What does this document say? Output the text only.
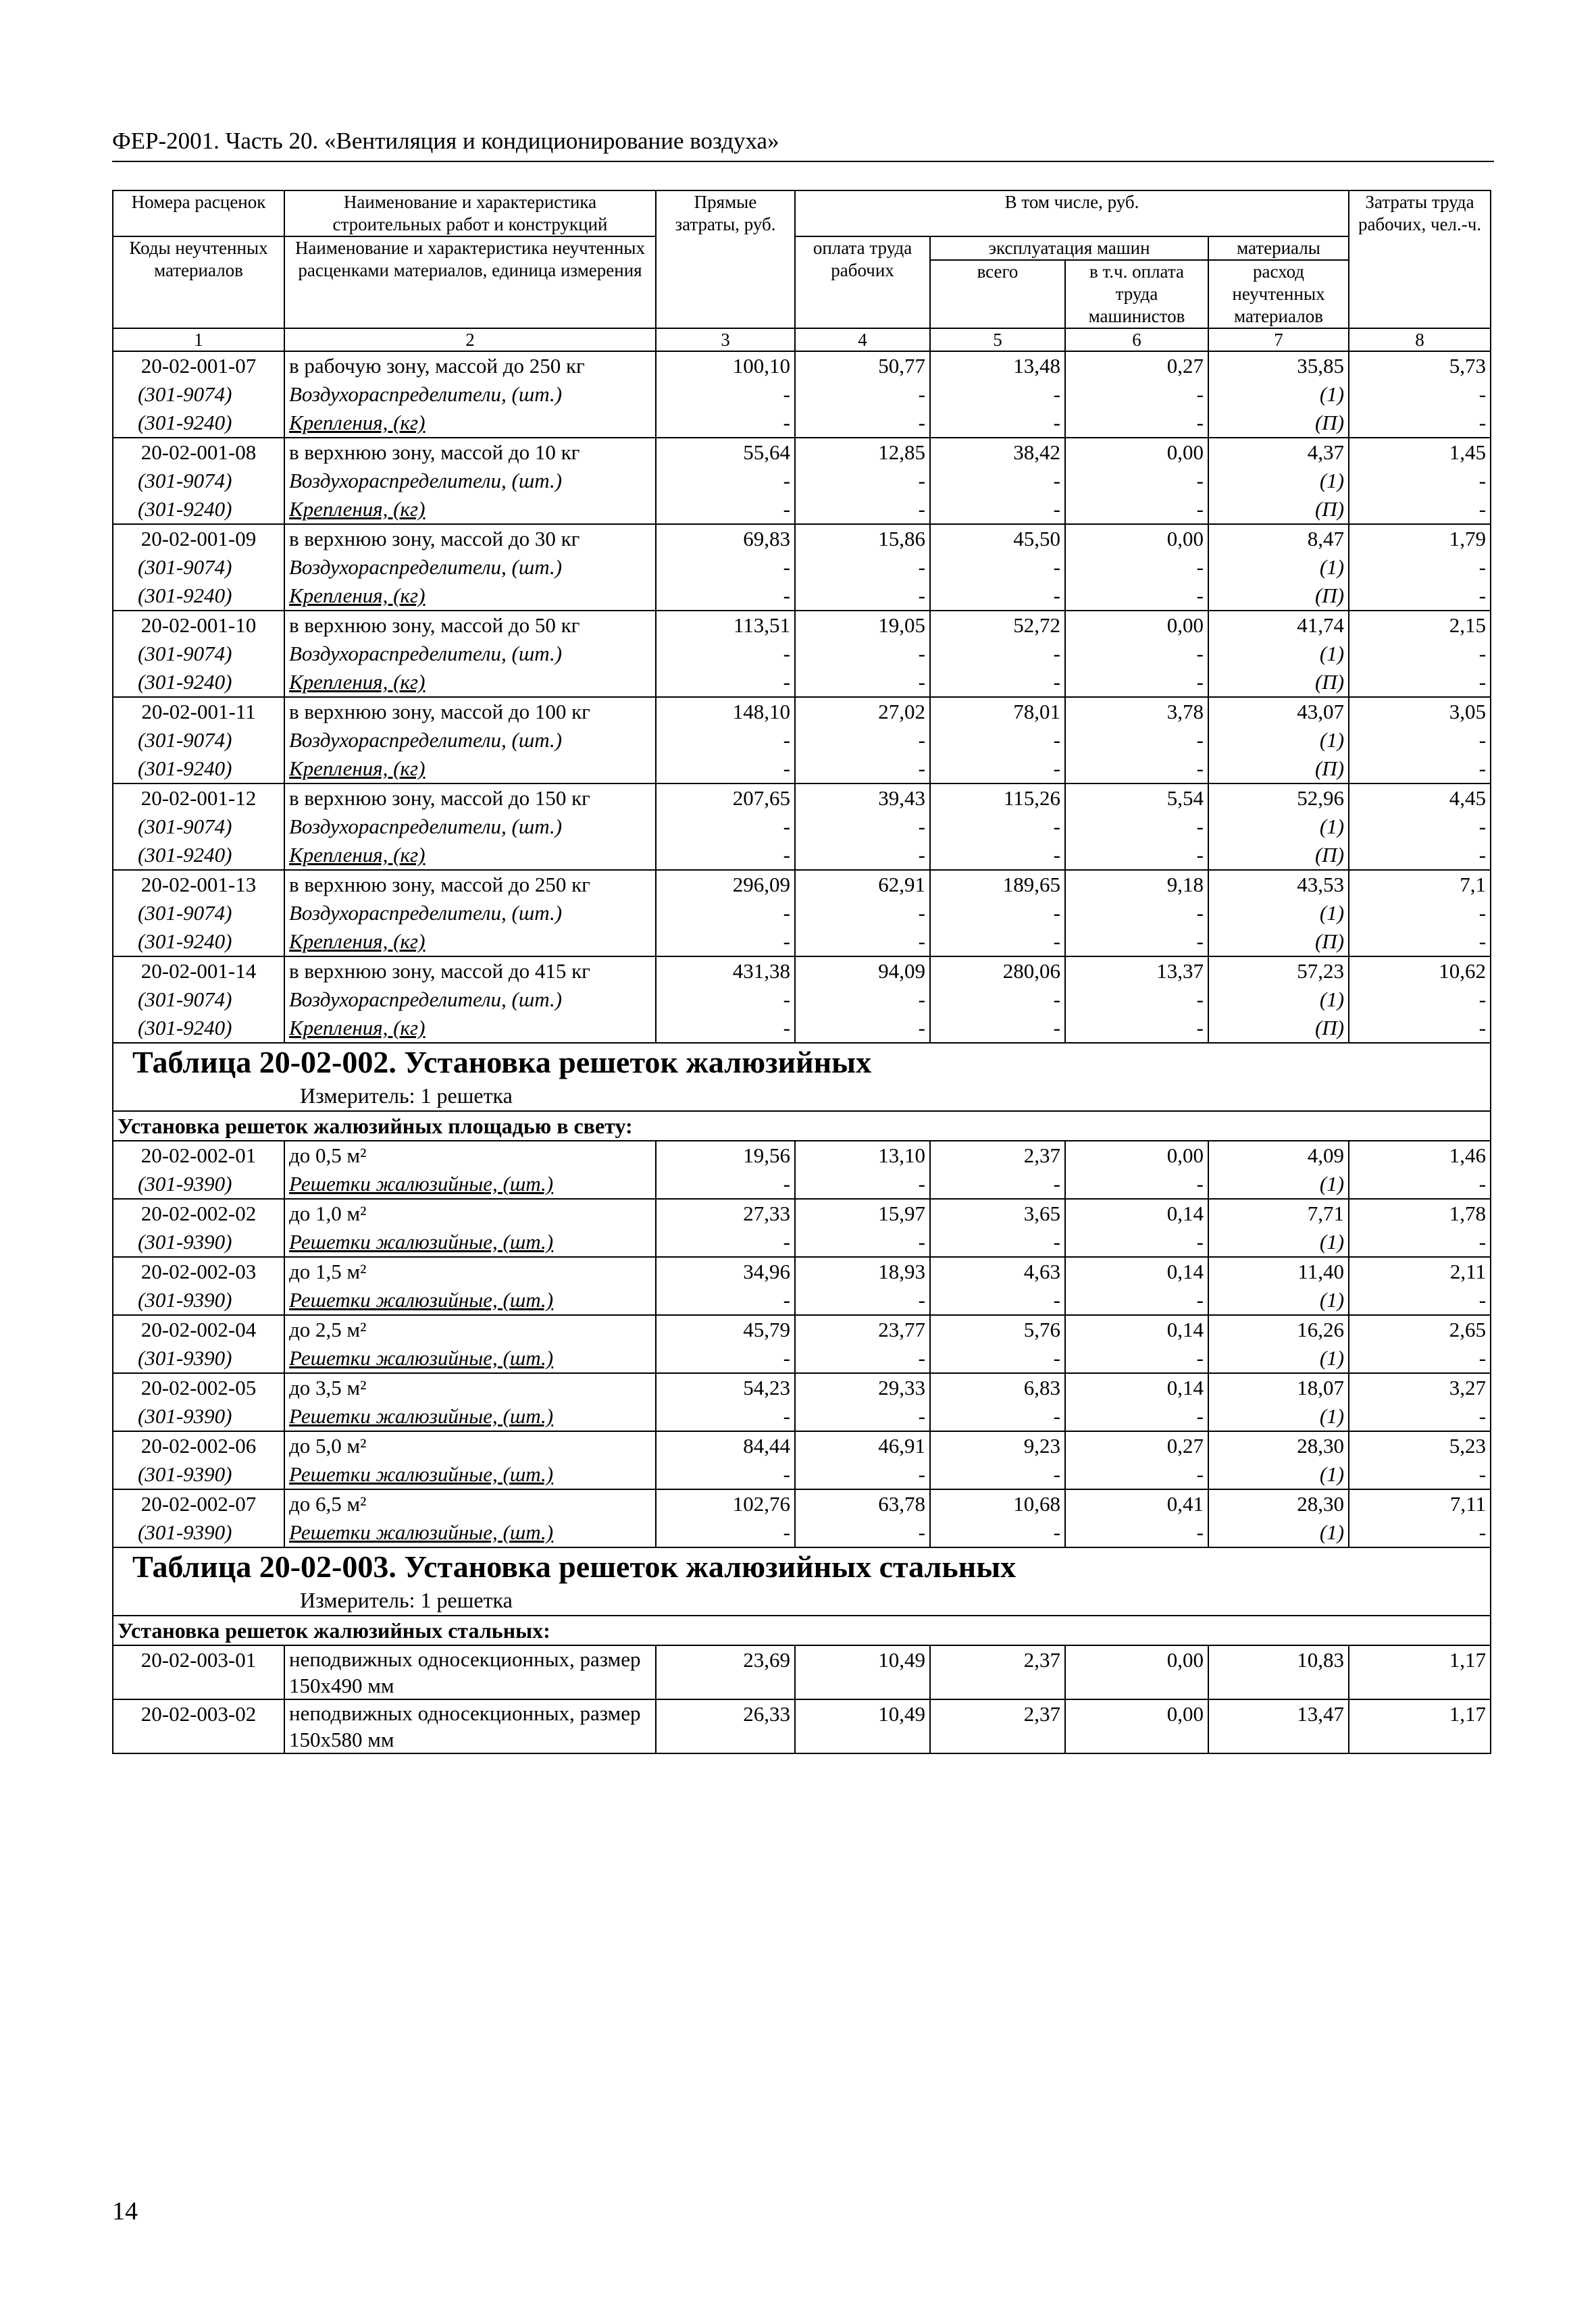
ФЕР-2001. Часть 20. «Вентиляция и кондиционирование воздуха»
Номера расценок	Наименование и характеристика строительных работ и конструкций	Прямые затраты, руб.	В том числе, руб.				Затраты труда рабочих, чел.-ч.
Коды неучтенных материалов	Наименование и характеристика неучтенных расценками материалов, единица измерения		оплата труда рабочих	эксплуатация машин		материалы	
				всего	в т.ч. оплата труда машинистов	расход неучтенных материалов	
1	2	3	4	5	6	7	8
20-02-001-07	в рабочую зону, массой до 250 кг	100,10	50,77	13,48	0,27	35,85	5,73
(301-9074)	Воздухораспределители, (шт.)	-	-	-	-	(1)	-
(301-9240)	Крепления, (кг)	-	-	-	-	(П)	-
20-02-001-08	в верхнюю зону, массой до 10 кг	55,64	12,85	38,42	0,00	4,37	1,45
(301-9074)	Воздухораспределители, (шт.)	-	-	-	-	(1)	-
(301-9240)	Крепления, (кг)	-	-	-	-	(П)	-
20-02-001-09	в верхнюю зону, массой до 30 кг	69,83	15,86	45,50	0,00	8,47	1,79
(301-9074)	Воздухораспределители, (шт.)	-	-	-	-	(1)	-
(301-9240)	Крепления, (кг)	-	-	-	-	(П)	-
20-02-001-10	в верхнюю зону, массой до 50 кг	113,51	19,05	52,72	0,00	41,74	2,15
(301-9074)	Воздухораспределители, (шт.)	-	-	-	-	(1)	-
(301-9240)	Крепления, (кг)	-	-	-	-	(П)	-
20-02-001-11	в верхнюю зону, массой до 100 кг	148,10	27,02	78,01	3,78	43,07	3,05
(301-9074)	Воздухораспределители, (шт.)	-	-	-	-	(1)	-
(301-9240)	Крепления, (кг)	-	-	-	-	(П)	-
20-02-001-12	в верхнюю зону, массой до 150 кг	207,65	39,43	115,26	5,54	52,96	4,45
(301-9074)	Воздухораспределители, (шт.)	-	-	-	-	(1)	-
(301-9240)	Крепления, (кг)	-	-	-	-	(П)	-
20-02-001-13	в верхнюю зону, массой до 250 кг	296,09	62,91	189,65	9,18	43,53	7,1
(301-9074)	Воздухораспределители, (шт.)	-	-	-	-	(1)	-
(301-9240)	Крепления, (кг)	-	-	-	-	(П)	-
20-02-001-14	в верхнюю зону, массой до 415 кг	431,38	94,09	280,06	13,37	57,23	10,62
(301-9074)	Воздухораспределители, (шт.)	-	-	-	-	(1)	-
(301-9240)	Крепления, (кг)	-	-	-	-	(П)	-

Таблица 20-02-002. Установка решеток жалюзийных							

Измеритель: 1 решетка							
Установка решеток жалюзийных площадью в свету:							
20-02-002-01	до 0,5 м²	19,56	13,10	2,37	0,00	4,09	1,46
(301-9390)	Решетки жалюзийные, (шт.)	-	-	-	-	(1)	-
20-02-002-02	до 1,0 м²	27,33	15,97	3,65	0,14	7,71	1,78
(301-9390)	Решетки жалюзийные, (шт.)	-	-	-	-	(1)	-
20-02-002-03	до 1,5 м²	34,96	18,93	4,63	0,14	11,40	2,11
(301-9390)	Решетки жалюзийные, (шт.)	-	-	-	-	(1)	-
20-02-002-04	до 2,5 м²	45,79	23,77	5,76	0,14	16,26	2,65
(301-9390)	Решетки жалюзийные, (шт.)	-	-	-	-	(1)	-
20-02-002-05	до 3,5 м²	54,23	29,33	6,83	0,14	18,07	3,27
(301-9390)	Решетки жалюзийные, (шт.)	-	-	-	-	(1)	-
20-02-002-06	до 5,0 м²	84,44	46,91	9,23	0,27	28,30	5,23
(301-9390)	Решетки жалюзийные, (шт.)	-	-	-	-	(1)	-
20-02-002-07	до 6,5 м²	102,76	63,78	10,68	0,41	28,30	7,11
(301-9390)	Решетки жалюзийные, (шт.)	-	-	-	-	(1)	-

Таблица 20-02-003. Установка решеток жалюзийных стальных							

Измеритель: 1 решетка							
Установка решеток жалюзийных стальных:							
20-02-003-01	неподвижных односекционных, размер 150х490 мм	23,69	10,49	2,37	0,00	10,83	1,17
20-02-003-02	неподвижных односекционных, размер 150х580 мм	26,33	10,49	2,37	0,00	13,47	1,17
14
